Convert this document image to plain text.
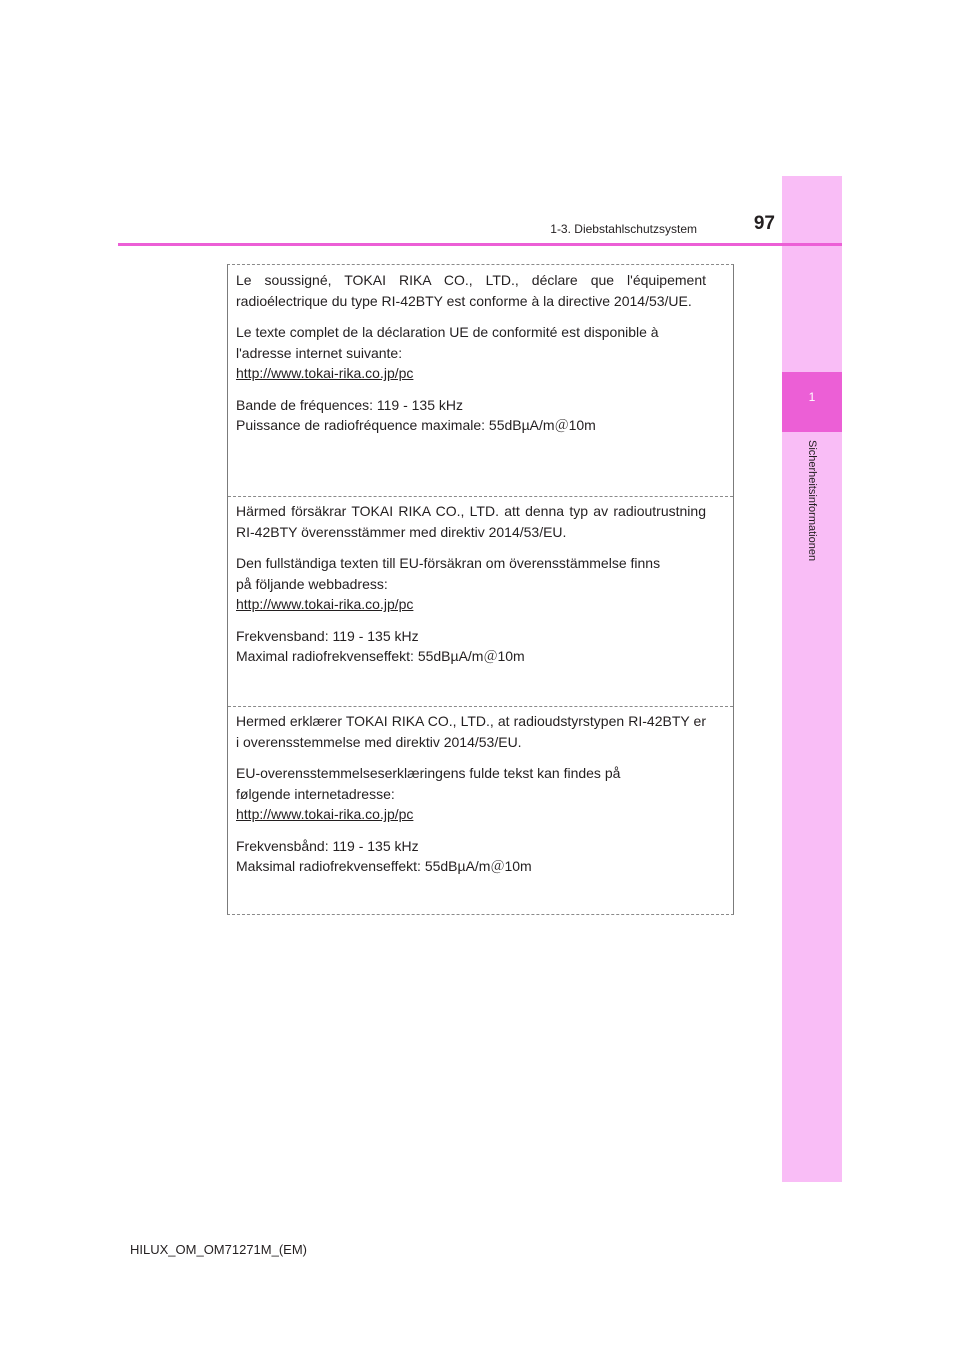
1
Sicherheitsinformationen
1-3. Diebstahlschutzsystem	97

Le soussigné, TOKAI RIKA CO., LTD., déclare que l'équipement radioélectrique du type RI-42BTY est conforme à la directive 2014/53/UE.

Le texte complet de la déclaration UE de conformité est disponible à
l'adresse internet suivante:
http://www.tokai-rika.co.jp/pc

Bande de fréquences: 119 - 135 kHz
Puissance de radiofréquence maximale: 55dBµA/m＠10m

Härmed försäkrar TOKAI RIKA CO., LTD. att denna typ av radioutrustning RI-42BTY överensstämmer med direktiv 2014/53/EU.

Den fullständiga texten till EU-försäkran om överensstämmelse finns
på följande webbadress:
http://www.tokai-rika.co.jp/pc

Frekvensband: 119 - 135 kHz
Maximal radiofrekvenseffekt: 55dBµA/m＠10m

Hermed erklærer TOKAI RIKA CO., LTD., at radioudstyrstypen RI-42BTY er i overensstemmelse med direktiv 2014/53/EU.

EU-overensstemmelseserklæringens fulde tekst kan findes på
følgende internetadresse:
http://www.tokai-rika.co.jp/pc

Frekvensbånd: 119 - 135 kHz
Maksimal radiofrekvenseffekt: 55dBµA/m＠10m

HILUX_OM_OM71271M_(EM)
